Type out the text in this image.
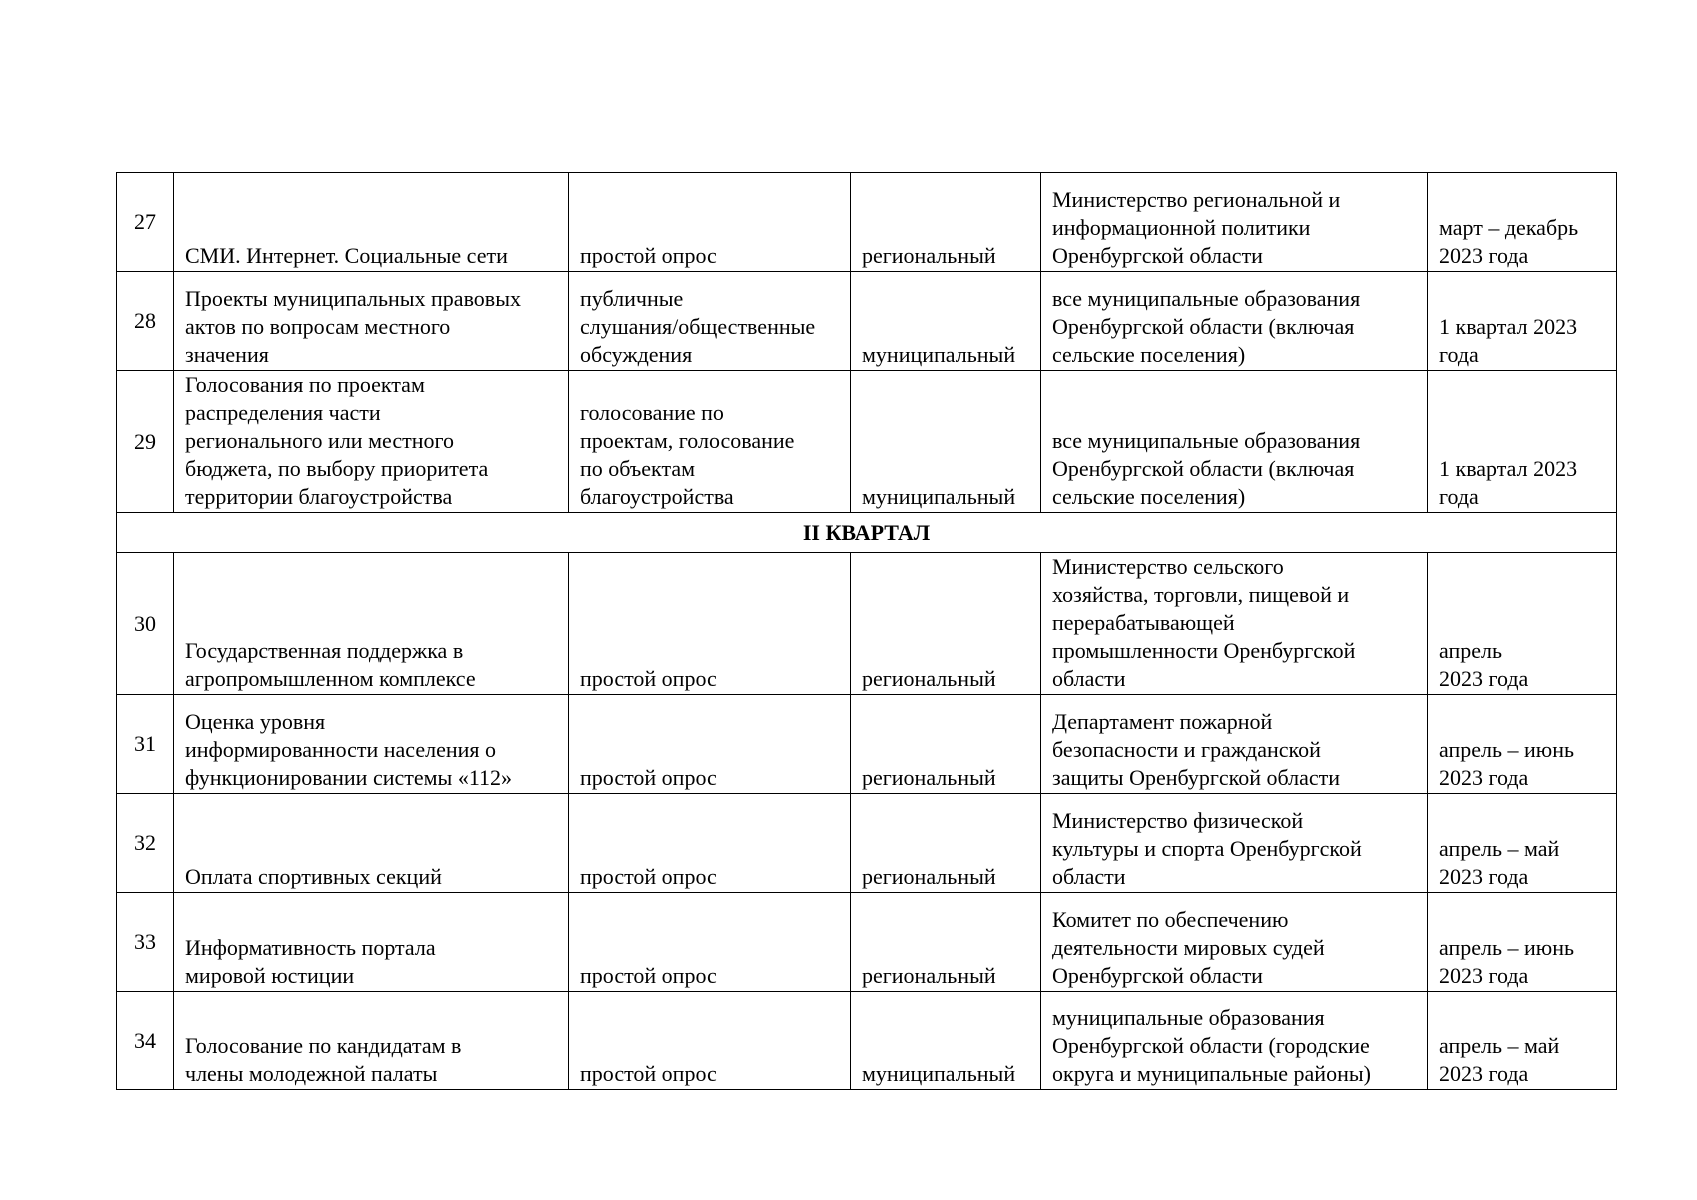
27	СМИ. Интернет. Социальные сети	простой опрос	региональный	Министерство региональной и
информационной политики
Оренбургской области	март – декабрь
2023 года
28	Проекты муниципальных правовых
актов по вопросам местного
значения	публичные
слушания/общественные
обсуждения	муниципальный	все муниципальные образования
Оренбургской области (включая
сельские поселения)	1 квартал 2023
года
29	Голосования по проектам
распределения части
регионального или местного
бюджета, по выбору приоритета
территории благоустройства	голосование по
проектам, голосование
по объектам
благоустройства	муниципальный	все муниципальные образования
Оренбургской области (включая
сельские поселения)	1 квартал 2023
года
II КВАРТАЛ					
30	Государственная поддержка в
агропромышленном комплексе	простой опрос	региональный	Министерство сельского
хозяйства, торговли, пищевой и
перерабатывающей
промышленности Оренбургской
области	апрель
2023 года
31	Оценка уровня
информированности населения о
функционировании системы «112»	простой опрос	региональный	Департамент пожарной
безопасности и гражданской
защиты Оренбургской области	апрель – июнь
2023 года
32	Оплата спортивных секций	простой опрос	региональный	Министерство физической
культуры и спорта Оренбургской
области	апрель – май
2023 года
33	Информативность портала
мировой юстиции	простой опрос	региональный	Комитет по обеспечению
деятельности мировых судей
Оренбургской области	апрель – июнь
2023 года
34	Голосование по кандидатам в
члены молодежной палаты	простой опрос	муниципальный	муниципальные образования
Оренбургской области (городские
округа и муниципальные районы)	апрель – май
2023 года
